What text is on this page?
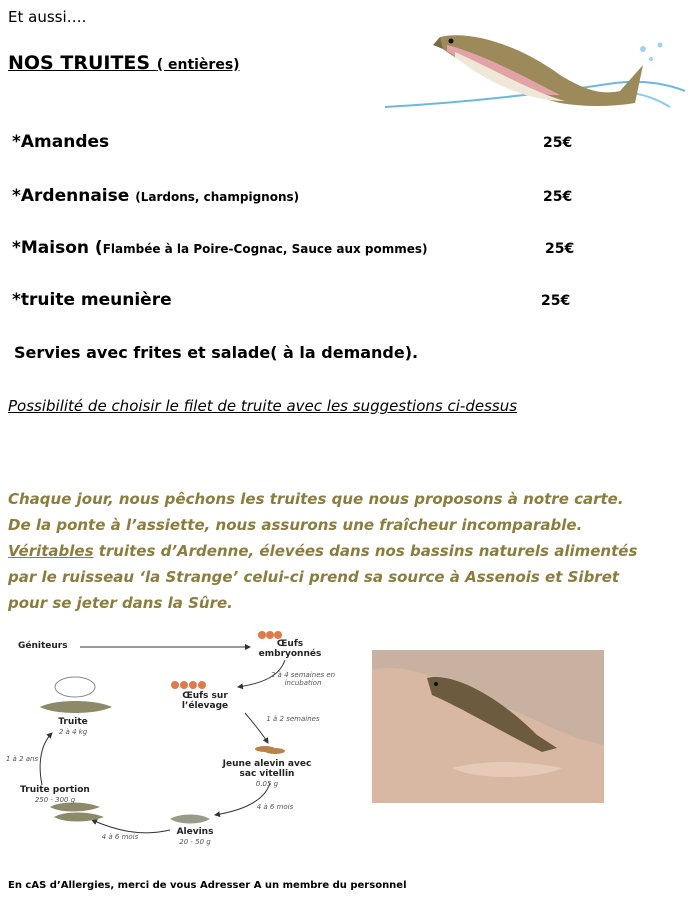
Et aussi….
NOS TRUITES ( entières)
*Amandes	25€
*Ardennaise (Lardons, champignons)	25€
*Maison (Flambée à la Poire-Cognac, Sauce aux pommes)	25€
*truite meunière	25€
Servies avec frites et salade( à la demande).
Possibilité de choisir le filet de truite avec les suggestions ci-dessus
Chaque jour, nous pêchons les truites que nous proposons à notre carte.
De la ponte à l’assiette, nous assurons une fraîcheur incomparable.
Véritables truites d’Ardenne, élevées dans nos bassins naturels alimentés
par le ruisseau ‘la Strange’ celui-ci prend sa source à Assenois et Sibret
pour se jeter dans la Sûre.
Géniteurs	Œufs embryonnés
2 à 4 semaines en incubation
Œufs sur l’élevage
1 à 2 semaines
Jeune alevin avec sac vitellin
0.05 g
4 à 6 mois
Alevins
20 - 50 g
4 à 6 mois
Truite portion
250 - 300 g
1 à 2 ans
Truite
2 à 4 kg
En cAS d’Allergies, merci de vous Adresser A un membre du personnel
